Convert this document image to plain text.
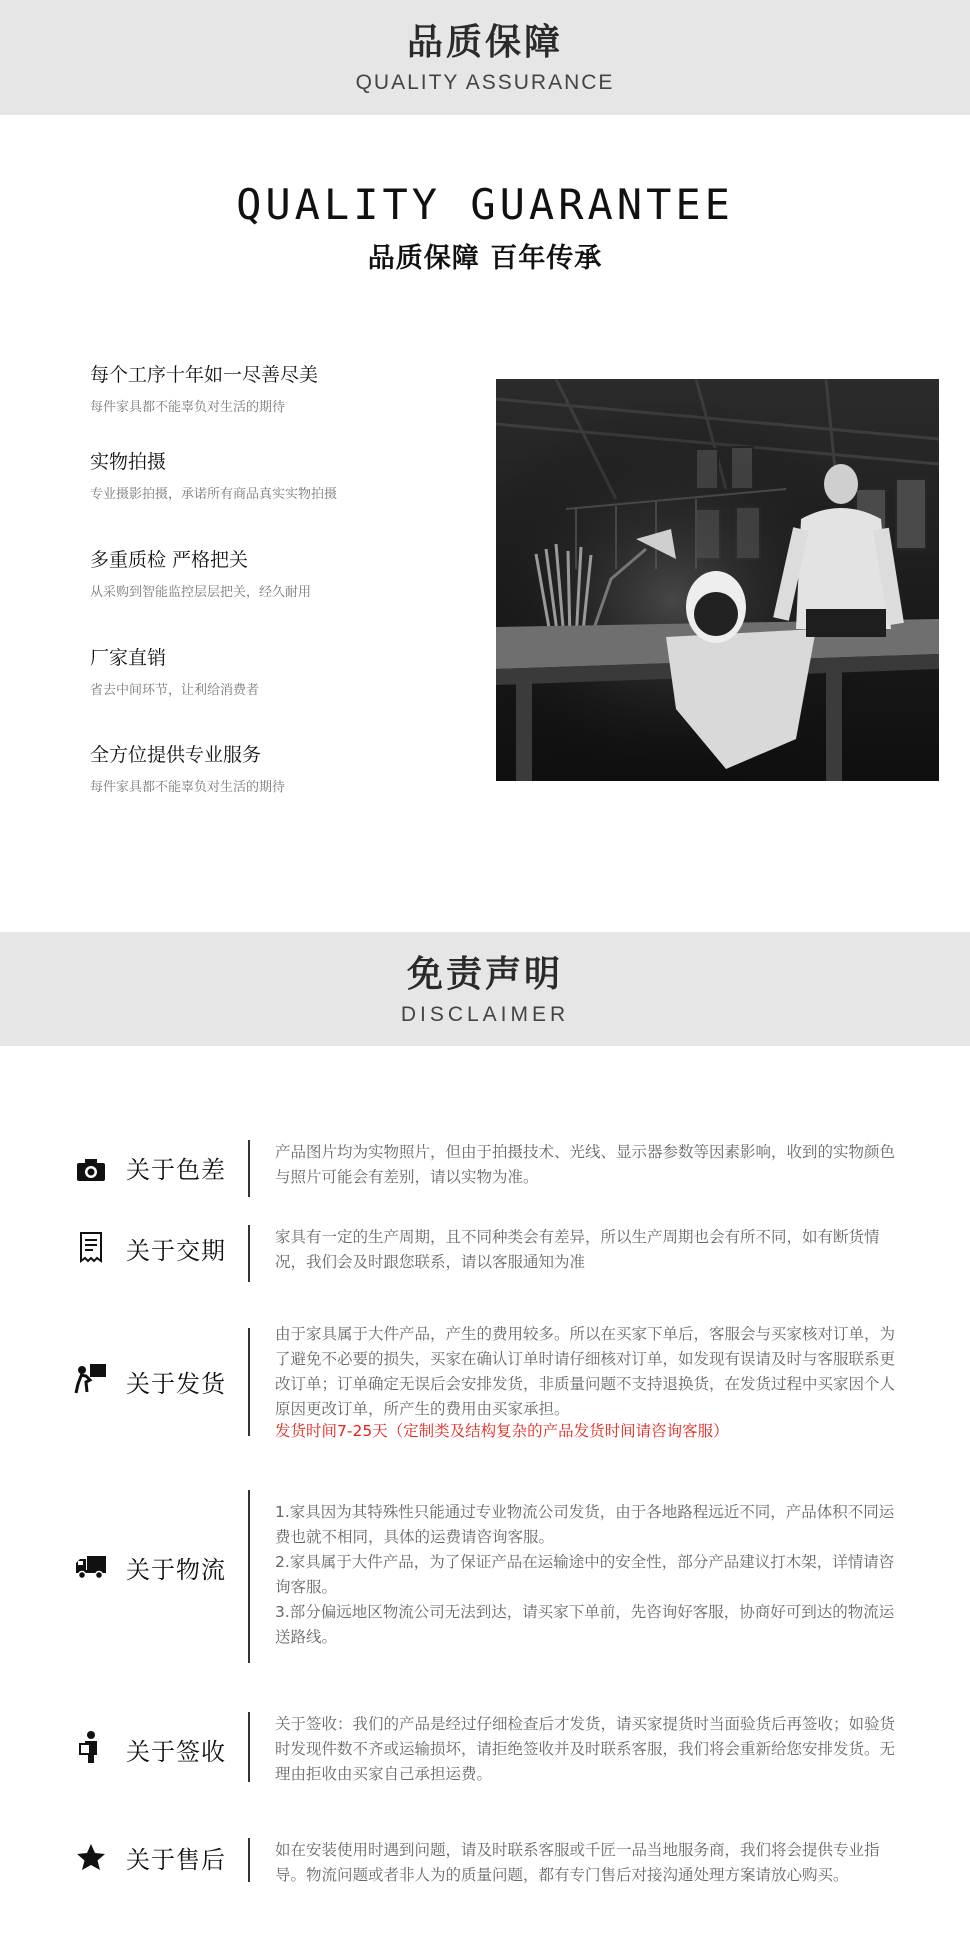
品质保障
QUALITY ASSURANCE
QUALITY GUARANTEE
品质保障 百年传承
每个工序十年如一尽善尽美
每件家具都不能辜负对生活的期待
实物拍摄
专业摄影拍摄，承诺所有商品真实实物拍摄
多重质检 严格把关
从采购到智能监控层层把关，经久耐用
厂家直销
省去中间环节，让利给消费者
全方位提供专业服务
每件家具都不能辜负对生活的期待
免责声明
DISCLAIMER
关于色差

产品图片均为实物照片，但由于拍摄技术、光线、显示器参数等因素影响，收到的实物颜色与照片可能会有差别，请以实物为准。

关于交期	家具有一定的生产周期，且不同种类会有差异，所以生产周期也会有所不同，如有断货情况，我们会及时跟您联系，请以客服通知为准

关于发货

由于家具属于大件产品，产生的费用较多。所以在买家下单后，客服会与买家核对订单，为了避免不必要的损失，买家在确认订单时请仔细核对订单，如发现有误请及时与客服联系更改订单；订单确定无误后会安排发货，非质量问题不支持退换货，在发货过程中买家因个人原因更改订单，所产生的费用由买家承担。

发货时间7-25天（定制类及结构复杂的产品发货时间请咨询客服）

关于物流

1.家具因为其特殊性只能通过专业物流公司发货，由于各地路程远近不同，产品体积不同运费也就不相同，具体的运费请咨询客服。

2.家具属于大件产品，为了保证产品在运输途中的安全性，部分产品建议打木架，详情请咨询客服。

3.部分偏远地区物流公司无法到达，请买家下单前，先咨询好客服，协商好可到达的物流运送路线。

关于签收

关于签收：我们的产品是经过仔细检查后才发货，请买家提货时当面验货后再签收；如验货时发现件数不齐或运输损坏，请拒绝签收并及时联系客服，我们将会重新给您安排发货。无理由拒收由买家自己承担运费。

关于售后	如在安装使用时遇到问题，请及时联系客服或千匠一品当地服务商，我们将会提供专业指导。物流问题或者非人为的质量问题，都有专门售后对接沟通处理方案请放心购买。
